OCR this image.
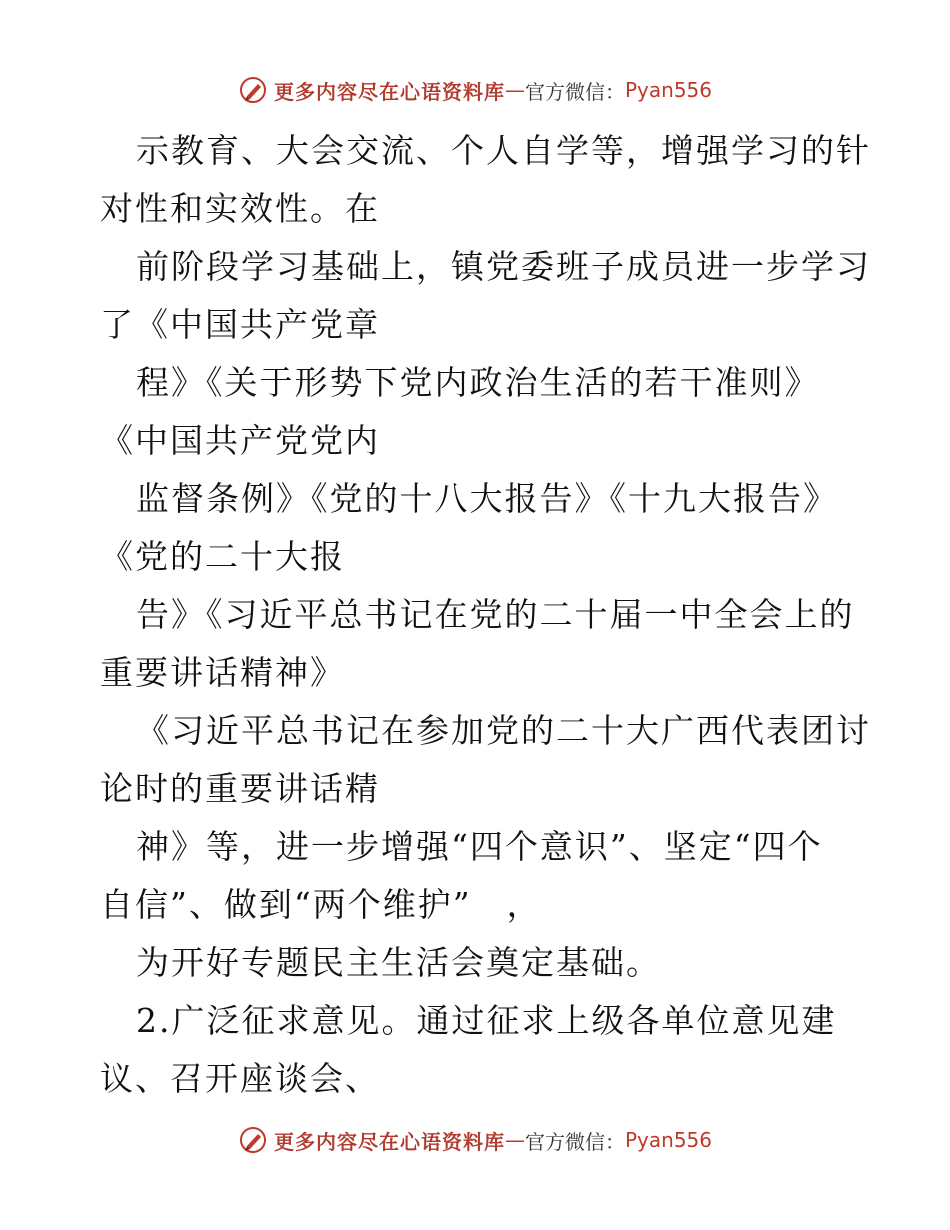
更多内容尽在心语资料库 — 官方微信： Pyan556
示教育、大会交流、个人自学等，增强学习的针
对性和实效性。在
前阶段学习基础上，镇党委班子成员进一步学习
了《中国共产党章
程》《关于形势下党内政治生活的若干准则》
《中国共产党党内
监督条例》《党的十八大报告》《十九大报告》
《党的二十大报
告》《习近平总书记在党的二十届一中全会上的
重要讲话精神》
《习近平总书记在参加党的二十大广西代表团讨
论时的重要讲话精
神》等，进一步增强“四个意识”、坚定“四个
自信”、做到“两个维护”　，
为开好专题民主生活会奠定基础。
2.广泛征求意见。通过征求上级各单位意见建
议、召开座谈会、
更多内容尽在心语资料库 — 官方微信： Pyan556
